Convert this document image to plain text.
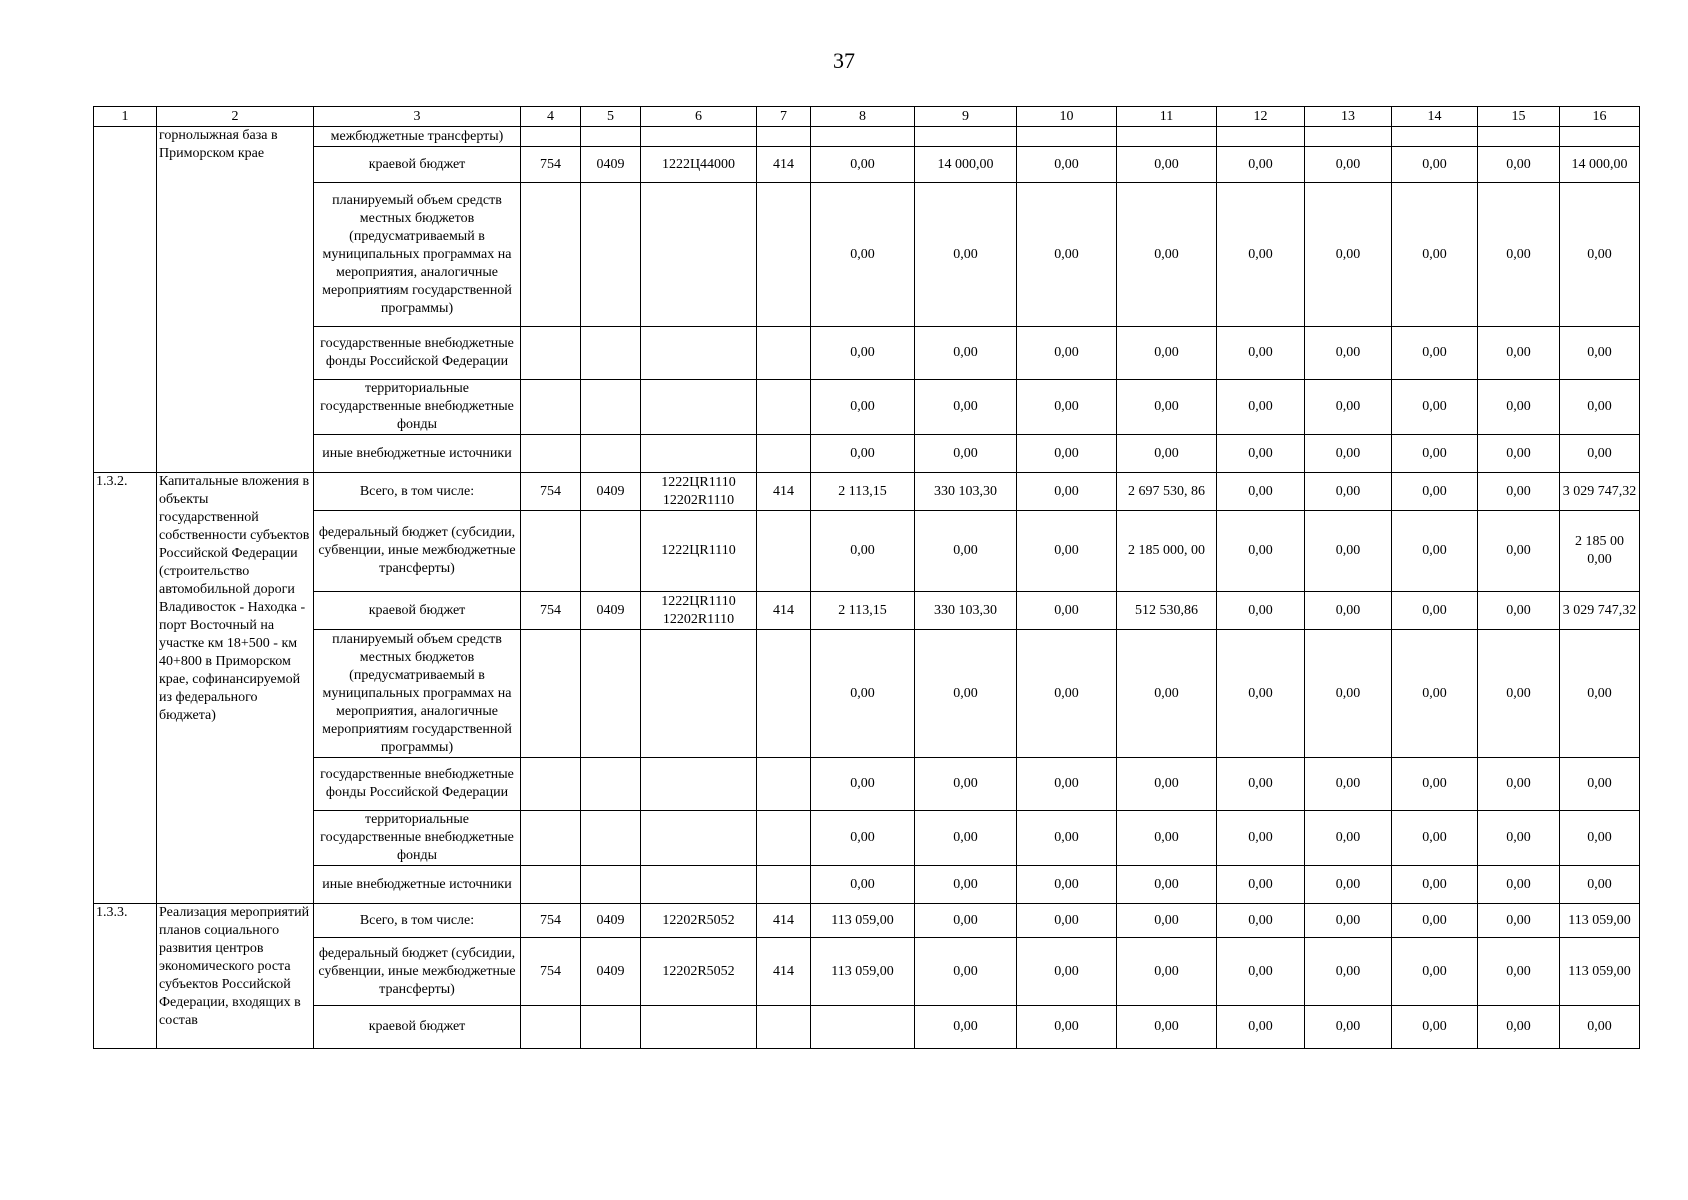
37
1	2	3	4	5	6	7	8	9	10	11	12	13	14	15	16
	горнолыжная база в Приморском крае	межбюджетные трансферты)													
		краевой бюджет	754	0409	1222Ц44000	414	0,00	14 000,00	0,00	0,00	0,00	0,00	0,00	0,00	14 000,00
		планируемый объем средств местных бюджетов (предусматриваемый в муниципальных программах на мероприятия, аналогичные мероприятиям государственной программы)					0,00	0,00	0,00	0,00	0,00	0,00	0,00	0,00	0,00
		государственные внебюджетные фонды Российской Федерации					0,00	0,00	0,00	0,00	0,00	0,00	0,00	0,00	0,00
		территориальные государственные внебюджетные фонды					0,00	0,00	0,00	0,00	0,00	0,00	0,00	0,00	0,00
		иные внебюджетные источники					0,00	0,00	0,00	0,00	0,00	0,00	0,00	0,00	0,00
1.3.2.	Капитальные вложения в объекты государственной собственности субъектов Российской Федерации (строительство автомобильной дороги Владивосток - Находка - порт Восточный на участке км 18+500 - км 40+800 в Приморском крае, софинансируемой из федерального бюджета)	Всего, в том числе:	754	0409	1222ЦR1110 12202R1110	414	2 113,15	330 103,30	0,00	2 697 530, 86	0,00	0,00	0,00	0,00	3 029 747,32
		федеральный бюджет (субсидии, субвенции, иные межбюджетные трансферты)			1222ЦR1110		0,00	0,00	0,00	2 185 000, 00	0,00	0,00	0,00	0,00	2 185 00 0,00
		краевой бюджет	754	0409	1222ЦR1110 12202R1110	414	2 113,15	330 103,30	0,00	512 530,86	0,00	0,00	0,00	0,00	3 029 747,32
		планируемый объем средств местных бюджетов (предусматриваемый в муниципальных программах на мероприятия, аналогичные мероприятиям государственной программы)					0,00	0,00	0,00	0,00	0,00	0,00	0,00	0,00	0,00
		государственные внебюджетные фонды Российской Федерации					0,00	0,00	0,00	0,00	0,00	0,00	0,00	0,00	0,00
		территориальные государственные внебюджетные фонды					0,00	0,00	0,00	0,00	0,00	0,00	0,00	0,00	0,00
		иные внебюджетные источники					0,00	0,00	0,00	0,00	0,00	0,00	0,00	0,00	0,00
1.3.3.	Реализация мероприятий планов социального развития центров экономического роста субъектов Российской Федерации, входящих в состав	Всего, в том числе:	754	0409	12202R5052	414	113 059,00	0,00	0,00	0,00	0,00	0,00	0,00	0,00	113 059,00
		федеральный бюджет (субсидии, субвенции, иные межбюджетные трансферты)	754	0409	12202R5052	414	113 059,00	0,00	0,00	0,00	0,00	0,00	0,00	0,00	113 059,00
		краевой бюджет						0,00	0,00	0,00	0,00	0,00	0,00	0,00	0,00
